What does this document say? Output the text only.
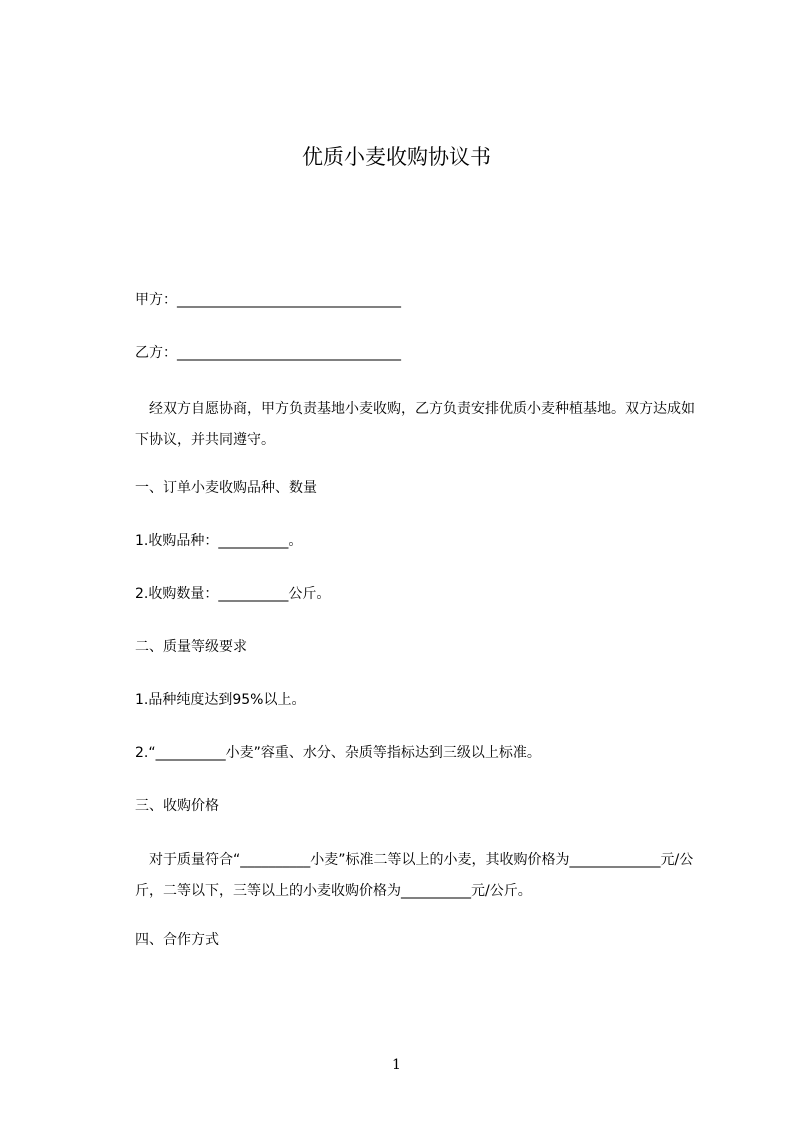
优质小麦收购协议书
甲方：________________________________
乙方：________________________________
　经双方自愿协商，甲方负责基地小麦收购，乙方负责安排优质小麦种植基地。双方达成如下协议，并共同遵守。
一、订单小麦收购品种、数量
1.收购品种：__________。
2.收购数量：__________公斤。
二、质量等级要求
1.品种纯度达到95%以上。
2.“__________小麦”容重、水分、杂质等指标达到三级以上标准。
三、收购价格
　对于质量符合“__________小麦”标准二等以上的小麦，其收购价格为_____________元/公斤，二等以下，三等以上的小麦收购价格为__________元/公斤。
四、合作方式
1
